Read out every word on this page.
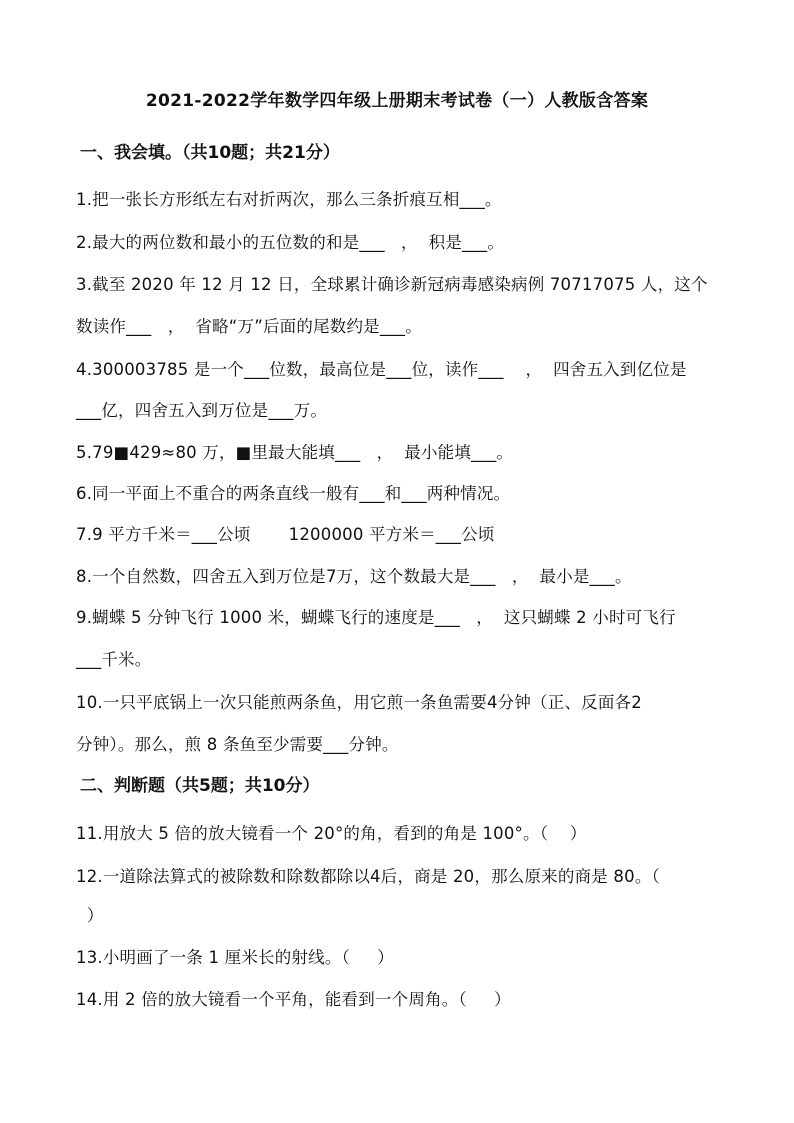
2021-2022学年数学四年级上册期末考试卷（一）人教版含答案
一、我会填。（共10题；共21分）
1.把一张长方形纸左右对折两次，那么三条折痕互相___。
2.最大的两位数和最小的五位数的和是___   ，  积是___。
3.截至 2020 年 12 月 12 日，全球累计确诊新冠病毒感染病例 70717075 人，这个
数读作___   ，  省略“万”后面的尾数约是___。
4.300003785 是一个___位数，最高位是___位，读作___    ，  四舍五入到亿位是
___亿，四舍五入到万位是___万。
5.79■429≈80 万，■里最大能填___   ，  最小能填___。
6.同一平面上不重合的两条直线一般有___和___两种情况。
7.9 平方千米＝___公顷       1200000 平方米＝___公顷
8.一个自然数，四舍五入到万位是7万，这个数最大是___   ，  最小是___。
9.蝴蝶 5 分钟飞行 1000 米，蝴蝶飞行的速度是___   ，  这只蝴蝶 2 小时可飞行
___千米。
10.一只平底锅上一次只能煎两条鱼，用它煎一条鱼需要4分钟（正、反面各2
分钟）。那么，煎 8 条鱼至少需要___分钟。
二、判断题（共5题；共10分）
11.用放大 5 倍的放大镜看一个 20°的角，看到的角是 100°。（    ）
12.一道除法算式的被除数和除数都除以4后，商是 20，那么原来的商是 80。（
）
13.小明画了一条 1 厘米长的射线。（     ）
14.用 2 倍的放大镜看一个平角，能看到一个周角。（     ）
